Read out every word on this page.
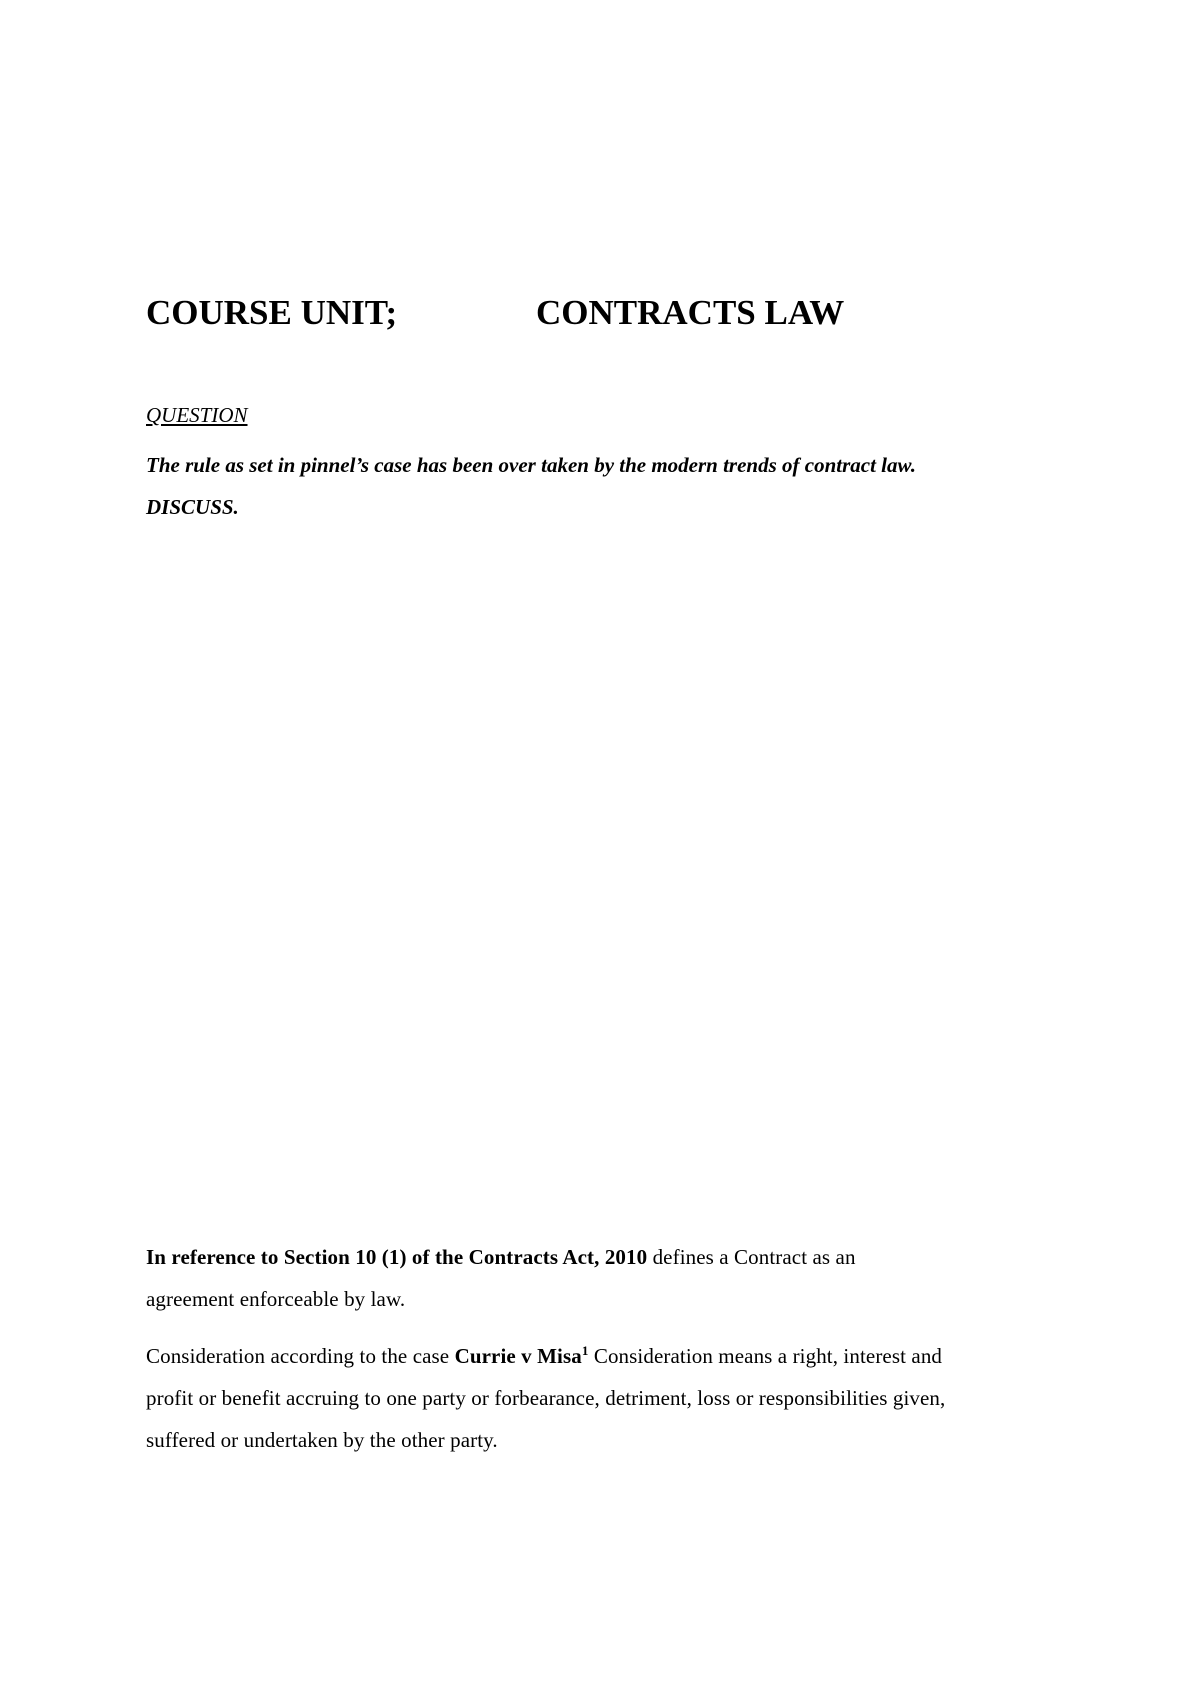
COURSE UNIT;	CONTRACTS LAW
QUESTION
The rule as set in pinnel’s case has been over taken by the modern trends of contract law.
DISCUSS.
In reference to Section 10 (1) of the Contracts Act, 2010 defines a Contract as an
agreement enforceable by law.
Consideration according to the case Currie v Misa$^1$ Consideration means a right, interest and
profit or benefit accruing to one party or forbearance, detriment, loss or responsibilities given,
suffered or undertaken by the other party.
